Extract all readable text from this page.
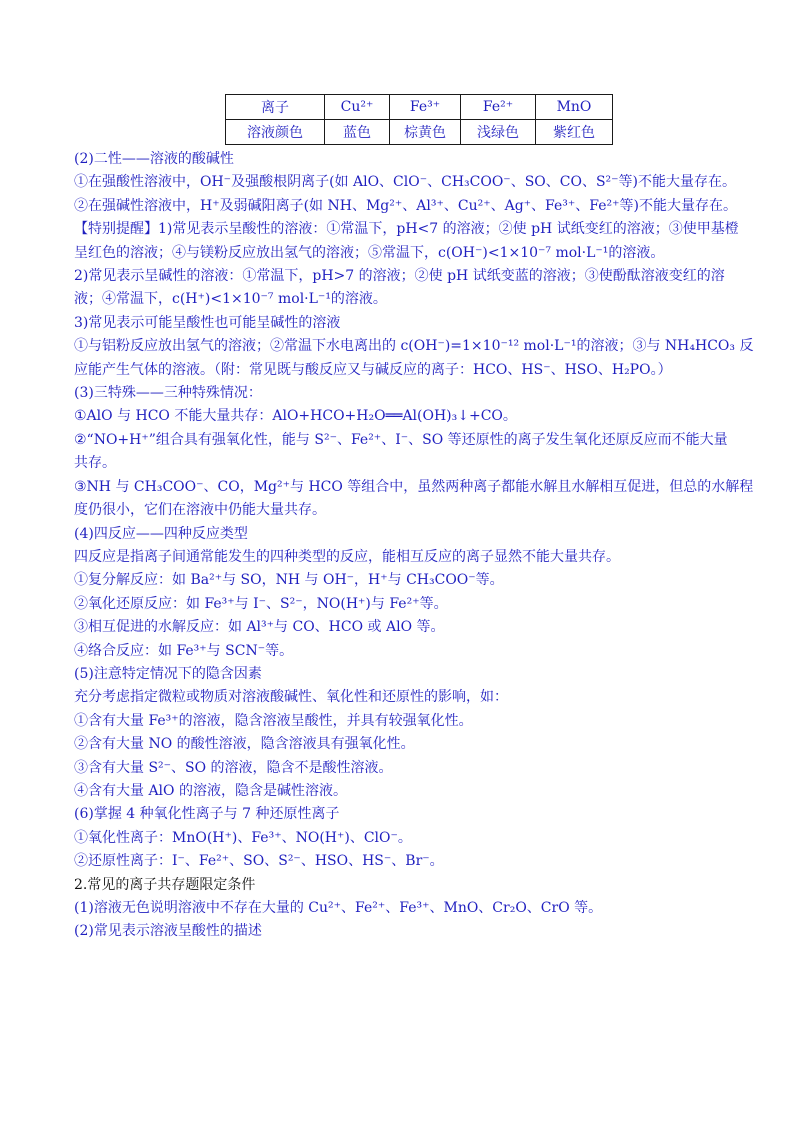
离子	Cu²⁺	Fe³⁺	Fe²⁺	MnO
溶液颜色	蓝色	棕黄色	浅绿色	紫红色
(2)二性——溶液的酸碱性
①在强酸性溶液中，OH⁻及强酸根阴离子(如 AlO、ClO⁻、CH₃COO⁻、SO、CO、S²⁻等)不能大量存在。
②在强碱性溶液中，H⁺及弱碱阳离子(如 NH、Mg²⁺、Al³⁺、Cu²⁺、Ag⁺、Fe³⁺、Fe²⁺等)不能大量存在。
【特别提醒】1)常见表示呈酸性的溶液：①常温下，pH<7 的溶液；②使 pH 试纸变红的溶液；③使甲基橙
呈红色的溶液；④与镁粉反应放出氢气的溶液；⑤常温下，c(OH⁻)<1×10⁻⁷ mol·L⁻¹的溶液。
2)常见表示呈碱性的溶液：①常温下，pH>7 的溶液；②使 pH 试纸变蓝的溶液；③使酚酞溶液变红的溶
液；④常温下，c(H⁺)<1×10⁻⁷ mol·L⁻¹的溶液。
3)常见表示可能呈酸性也可能呈碱性的溶液
①与铝粉反应放出氢气的溶液；②常温下水电离出的 c(OH⁻)=1×10⁻¹² mol·L⁻¹的溶液；③与 NH₄HCO₃ 反
应能产生气体的溶液。（附：常见既与酸反应又与碱反应的离子：HCO、HS⁻、HSO、H₂PO。）
(3)三特殊——三种特殊情况：
①AlO 与 HCO 不能大量共存：AlO+HCO+H₂O══Al(OH)₃↓+CO。
②“NO+H⁺”组合具有强氧化性，能与 S²⁻、Fe²⁺、I⁻、SO 等还原性的离子发生氧化还原反应而不能大量
共存。
③NH 与 CH₃COO⁻、CO，Mg²⁺与 HCO 等组合中，虽然两种离子都能水解且水解相互促进，但总的水解程
度仍很小，它们在溶液中仍能大量共存。
(4)四反应——四种反应类型
四反应是指离子间通常能发生的四种类型的反应，能相互反应的离子显然不能大量共存。
①复分解反应：如 Ba²⁺与 SO，NH 与 OH⁻，H⁺与 CH₃COO⁻等。
②氧化还原反应：如 Fe³⁺与 I⁻、S²⁻，NO(H⁺)与 Fe²⁺等。
③相互促进的水解反应：如 Al³⁺与 CO、HCO 或 AlO 等。
④络合反应：如 Fe³⁺与 SCN⁻等。
(5)注意特定情况下的隐含因素
充分考虑指定微粒或物质对溶液酸碱性、氧化性和还原性的影响，如：
①含有大量 Fe³⁺的溶液，隐含溶液呈酸性，并具有较强氧化性。
②含有大量 NO 的酸性溶液，隐含溶液具有强氧化性。
③含有大量 S²⁻、SO 的溶液，隐含不是酸性溶液。
④含有大量 AlO 的溶液，隐含是碱性溶液。
(6)掌握 4 种氧化性离子与 7 种还原性离子
①氧化性离子：MnO(H⁺)、Fe³⁺、NO(H⁺)、ClO⁻。
②还原性离子：I⁻、Fe²⁺、SO、S²⁻、HSO、HS⁻、Br⁻。
2.常见的离子共存题限定条件
(1)溶液无色说明溶液中不存在大量的 Cu²⁺、Fe²⁺、Fe³⁺、MnO、Cr₂O、CrO 等。
(2)常见表示溶液呈酸性的描述
